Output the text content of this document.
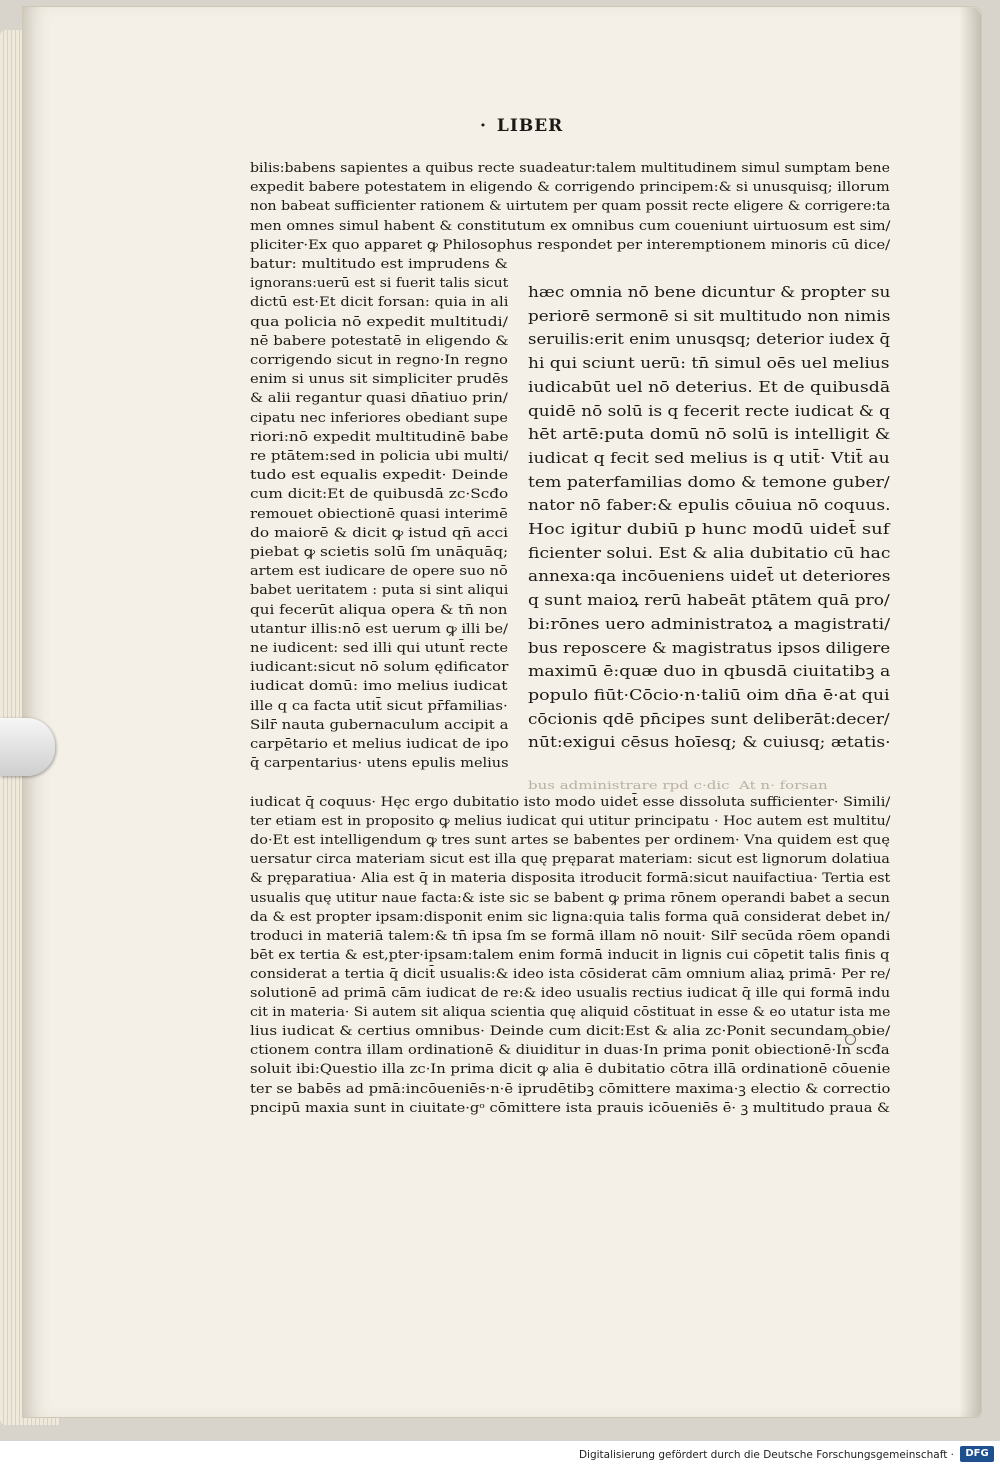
· LIBER
bilis:babens sapientes a quibus recte suadeatur:talem multitudinem simul sumptam bene
expedit babere potestatem in eligendo & corrigendo principem:& si unusquisq; illorum
non babeat sufficienter rationem & uirtutem per quam possit recte eligere & corrigere:ta
men omnes simul habent & constitutum ex omnibus cum coueniunt uirtuosum est sim/
pliciter·Ex quo apparet ꝙ Philosophus respondet per interemptionem minoris cū dice/
batur: multitudo est imprudens &
ignorans:uerū est si fuerit talis sicut
dictū est·Et dicit forsan: quia in ali
qua policia nō expedit multitudi/
nē babere potestatē in eligendo &
corrigendo sicut in regno·In regno
enim si unus sit simpliciter prudēs
& alii regantur quasi dn̄atiuo prin/
cipatu nec inferiores obediant supe
riori:nō expedit multitudinē babe
re ptātem:sed in policia ubi multi/
tudo est equalis expedit· Deinde
cum dicit:Et de quibusdā zc·Scđo
remouet obiectionē quasi interimē
do maiorē & dicit ꝙ istud qn̄ acci
piebat ꝙ scietis solū ſm unāquāq;
artem est iudicare de opere suo nō
babet ueritatem : puta si sint aliqui
qui fecerūt aliqua opera & tn̄ non
utantur illis:nō est uerum ꝙ illi be/
ne iudicent: sed illi qui utunt̄ recte
iudicant:sicut nō solum ędificator
iudicat domū: imo melius iudicat
ille q ca facta utit̄ sicut pr̄familias·
Silr̄ nauta gubernaculum accipit a
carpētario et melius iudicat de ipo
q̄ carpentarius· utens epulis melius
hæc omnia nō bene dicuntur & propter su
periorē sermonē si sit multitudo non nimis
seruilis:erit enim unusqsq; deterior iudex q̄
hi qui sciunt uerū: tn̄ simul oēs uel melius
iudicabūt uel nō deterius. Et de quibusdā
quidē nō solū is q fecerit recte iudicat & q
hēt artē:puta domū nō solū is intelligit &
iudicat q fecit sed melius is q utit̄· Vtit̄ au
tem paterfamilias domo & temone guber/
nator nō faber:& epulis cōuiua nō coquus.
Hoc igitur dubiū p hunc modū uidet̄ suf
ficienter solui. Est & alia dubitatio cū hac
annexa:qa incōueniens uidet̄ ut deteriores
q sunt maioꝝ rerū habeāt ptātem quā pro/
bi:rōnes uero administratoꝝ a magistrati/
bus reposcere & magistratus ipsos diligere
maximū ē:quæ duo in qbusdā ciuitatibꝫ a
populo fiūt·Cōcio·n·taliū oim dn̄a ē·at qui
cōcionis qdē pn̄cipes sunt deliberāt:decer/
nūt:exigui cēsus hoīesq; & cuiusq; ætatis·
iudicat q̄ coquus· Hęc ergo dubitatio isto modo uidet̄ esse dissoluta sufficienter· Simili/
ter etiam est in proposito ꝙ melius iudicat qui utitur principatu · Hoc autem est multitu/
do·Et est intelligendum ꝙ tres sunt artes se babentes per ordinem· Vna quidem est quę
uersatur circa materiam sicut est illa quę pręparat materiam: sicut est lignorum dolatiua
& pręparatiua· Alia est q̄ in materia disposita itroducit formā:sicut nauifactiua· Tertia est
usualis quę utitur naue facta:& iste sic se babent ꝙ prima rōnem operandi babet a secun
da & est propter ipsam:disponit enim sic ligna:quia talis forma quā considerat debet in/
troduci in materiā talem:& tn̄ ipsa ſm se formā illam nō nouit· Silr̄ secūda rōem opandi
bēt ex tertia & est,pter·ipsam:talem enim formā inducit in lignis cui cōpetit talis finis q
considerat a tertia q̄ dicit̄ usualis:& ideo ista cōsiderat cām omnium aliaꝝ primā· Per re/
solutionē ad primā cām iudicat de re:& ideo usualis rectius iudicat q̄ ille qui formā indu
cit in materia· Si autem sit aliqua scientia quę aliquid cōstituat in esse & eo utatur ista me
lius iudicat & certius omnibus· Deinde cum dicit:Est & alia zc·Ponit secundam obie/
ctionem contra illam ordinationē & diuiditur in duas·In prima ponit obiectionē·In scđa
soluit ibi:Questio illa zc·In prima dicit ꝙ alia ē dubitatio cōtra illā ordinationē cōuenie
ter se babēs ad pmā:incōueniēs·n·ē iprudētibꝫ cōmittere maxima·ꝫ electio & correctio
pncipū maxia sunt in ciuitate·gᵒ cōmittere ista prauis icōueniēs ē· ꝫ multitudo praua &
bus administrare rpd c·dic  At n· forsan
Digitalisierung gefördert durch die Deutsche Forschungsgemeinschaft ·	DFG
